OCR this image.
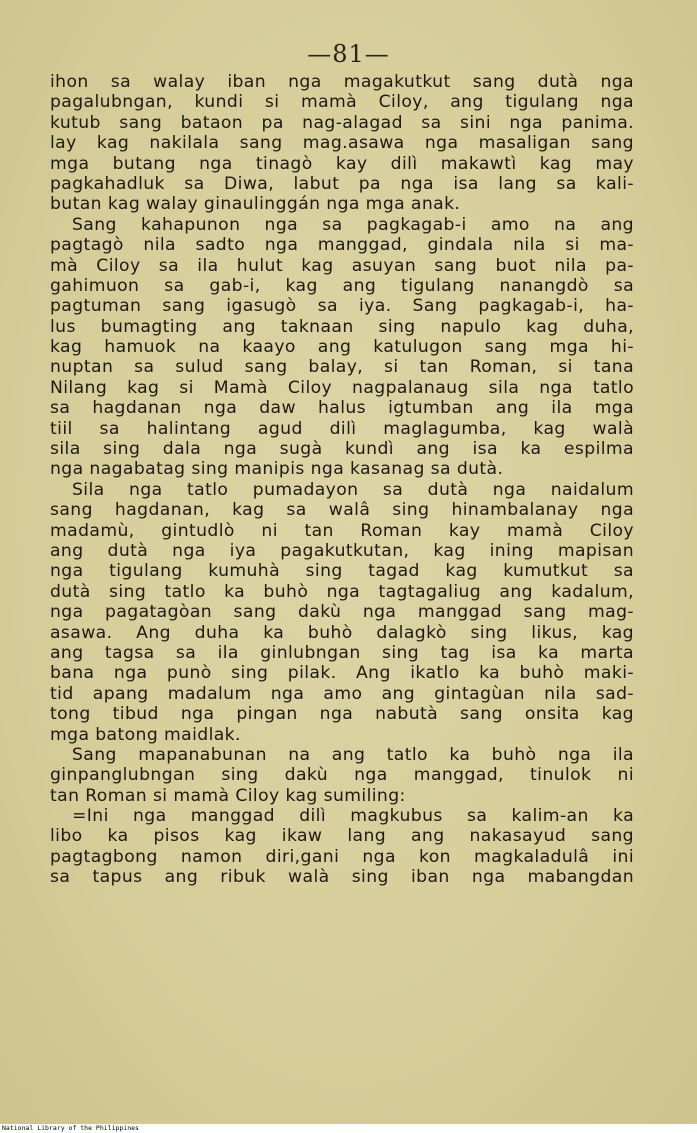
—81—
ihon sa walay iban nga magakutkut sang dutà nga
pagalubngan, kundi si mamà Ciloy, ang tigulang nga
kutub sang bataon pa nag-alagad sa sini nga panima.
lay kag nakilala sang mag.asawa nga masaligan sang
mga butang nga tinagò kay dilì makawtì kag may
pagkahadluk sa Diwa, labut pa nga isa lang sa kali-
butan kag walay ginaulinggán nga mga anak.
Sang kahapunon nga sa pagkagab-i amo na ang
pagtagò nila sadto nga manggad, gindala nila si ma-
mà Ciloy sa ila hulut kag asuyan sang buot nila pa-
gahimuon sa gab-i, kag ang tigulang nanangdò sa
pagtuman sang igasugò sa iya. Sang pagkagab-i, ha-
lus bumagting ang taknaan sing napulo kag duha,
kag hamuok na kaayo ang katulugon sang mga hi-
nuptan sa sulud sang balay, si tan Roman, si tana
Nilang kag si Mamà Ciloy nagpalanaug sila nga tatlo
sa hagdanan nga daw halus igtumban ang ila mga
tiil sa halintang agud dilì maglagumba, kag walà
sila sing dala nga sugà kundì ang isa ka espilma
nga nagabatag sing manipis nga kasanag sa dutà.
Sila nga tatlo pumadayon sa dutà nga naidalum
sang hagdanan, kag sa walâ sing hinambalanay nga
madamù, gintudlò ni tan Roman kay mamà Ciloy
ang dutà nga iya pagakutkutan, kag ining mapisan
nga tigulang kumuhà sing tagad kag kumutkut sa
dutà sing tatlo ka buhò nga tagtagaliug ang kadalum,
nga pagatagòan sang dakù nga manggad sang mag-
asawa. Ang duha ka buhò dalagkò sing likus, kag
ang tagsa sa ila ginlubngan sing tag isa ka marta
bana nga punò sing pilak. Ang ikatlo ka buhò maki-
tid apang madalum nga amo ang gintagùan nila sad-
tong tibud nga pingan nga nabutà sang onsita kag
mga batong maidlak.
Sang mapanabunan na ang tatlo ka buhò nga ila
ginpanglubngan sing dakù nga manggad, tinulok ni
tan Roman si mamà Ciloy kag sumiling:
=Ini nga manggad dilì magkubus sa kalim-an ka
libo ka pisos kag ikaw lang ang nakasayud sang
pagtagbong namon diri,gani nga kon magkaladulâ ini
sa tapus ang ribuk walà sing iban nga mabangdan
National Library of the Philippines
